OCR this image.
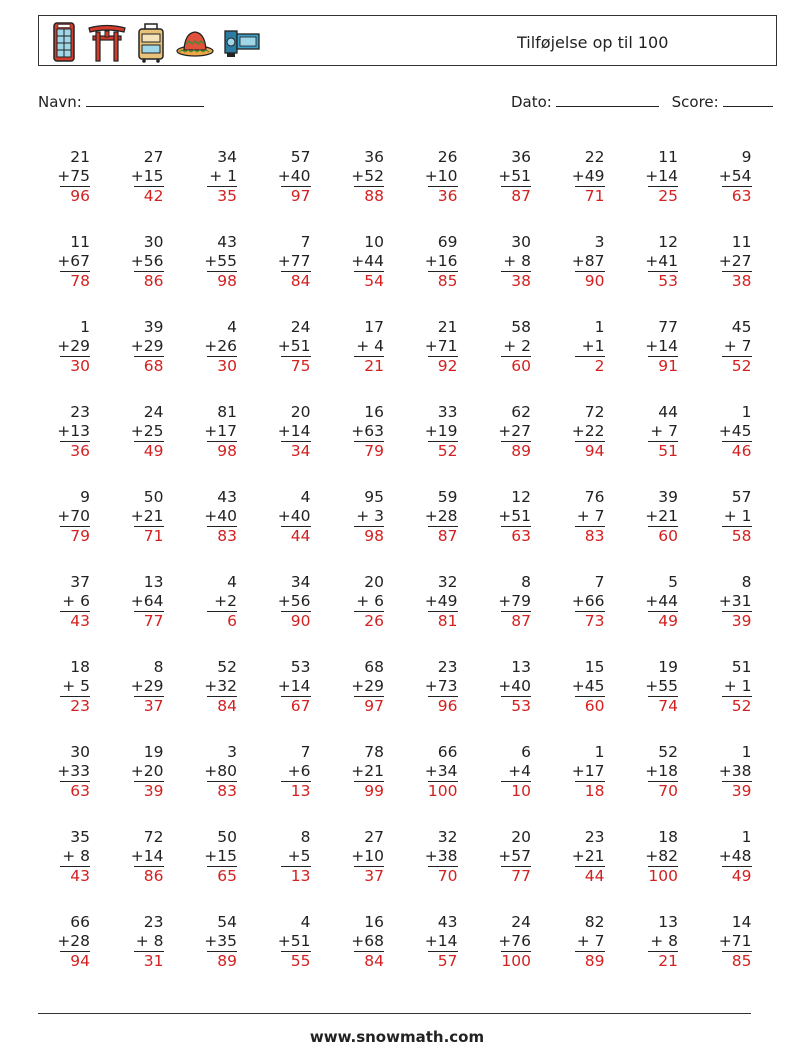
Tilføjelse op til 100
Navn:	Dato:	Score:
21
+75
96
27
+15
42
34
+ 1
35
57
+40
97
36
+52
88
26
+10
36
36
+51
87
22
+49
71
11
+14
25
9
+54
63
11
+67
78
30
+56
86
43
+55
98
7
+77
84
10
+44
54
69
+16
85
30
+ 8
38
3
+87
90
12
+41
53
11
+27
38
1
+29
30
39
+29
68
4
+26
30
24
+51
75
17
+ 4
21
21
+71
92
58
+ 2
60
1
+1
2
77
+14
91
45
+ 7
52
23
+13
36
24
+25
49
81
+17
98
20
+14
34
16
+63
79
33
+19
52
62
+27
89
72
+22
94
44
+ 7
51
1
+45
46
9
+70
79
50
+21
71
43
+40
83
4
+40
44
95
+ 3
98
59
+28
87
12
+51
63
76
+ 7
83
39
+21
60
57
+ 1
58
37
+ 6
43
13
+64
77
4
+2
6
34
+56
90
20
+ 6
26
32
+49
81
8
+79
87
7
+66
73
5
+44
49
8
+31
39
18
+ 5
23
8
+29
37
52
+32
84
53
+14
67
68
+29
97
23
+73
96
13
+40
53
15
+45
60
19
+55
74
51
+ 1
52
30
+33
63
19
+20
39
3
+80
83
7
+6
13
78
+21
99
66
+34
100
6
+4
10
1
+17
18
52
+18
70
1
+38
39
35
+ 8
43
72
+14
86
50
+15
65
8
+5
13
27
+10
37
32
+38
70
20
+57
77
23
+21
44
18
+82
100
1
+48
49
66
+28
94
23
+ 8
31
54
+35
89
4
+51
55
16
+68
84
43
+14
57
24
+76
100
82
+ 7
89
13
+ 8
21
14
+71
85
www.snowmath.com
